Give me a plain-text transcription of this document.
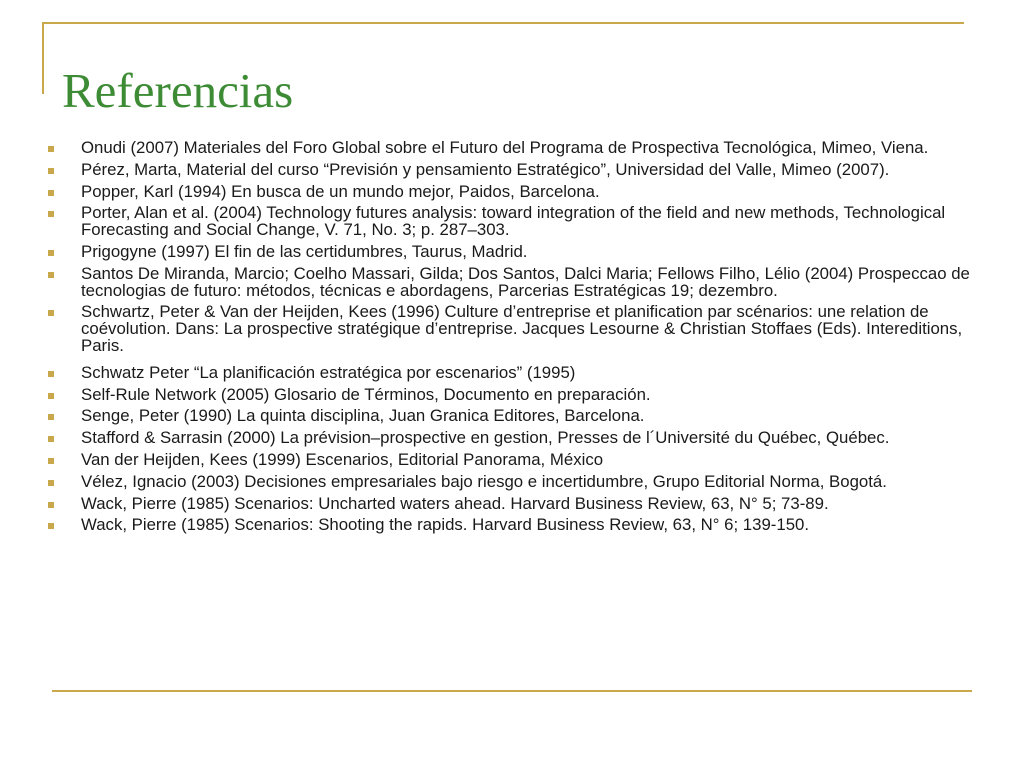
Referencias
Onudi (2007) Materiales del Foro Global sobre el Futuro del Programa de Prospectiva Tecnológica, Mimeo, Viena.
Pérez, Marta, Material del curso “Previsión y pensamiento Estratégico”, Universidad del Valle, Mimeo (2007).
Popper, Karl (1994) En busca de un mundo mejor, Paidos, Barcelona.
Porter, Alan et al. (2004) Technology futures analysis: toward integration of the field and new methods, Technological Forecasting and Social Change, V. 71, No. 3; p. 287–303.
Prigogyne (1997) El fin de las certidumbres, Taurus, Madrid.
Santos De Miranda, Marcio; Coelho Massari, Gilda; Dos Santos, Dalci Maria; Fellows Filho, Lélio (2004) Prospeccao de tecnologias de futuro: métodos, técnicas e abordagens, Parcerias Estratégicas 19; dezembro.
Schwartz, Peter & Van der Heijden, Kees (1996) Culture d’entreprise et planification par scénarios: une relation de coévolution. Dans: La prospective stratégique d’entreprise. Jacques Lesourne & Christian Stoffaes (Eds). Intereditions, Paris.
Schwatz Peter “La planificación estratégica por escenarios” (1995)
Self-Rule Network (2005) Glosario de Términos, Documento en preparación.
Senge, Peter (1990) La quinta disciplina, Juan Granica Editores, Barcelona.
Stafford & Sarrasin (2000) La prévision–prospective en gestion, Presses de l´Université du Québec, Québec.
Van der Heijden, Kees (1999) Escenarios, Editorial Panorama, México
Vélez, Ignacio (2003) Decisiones empresariales bajo riesgo e incertidumbre, Grupo Editorial Norma, Bogotá.
Wack, Pierre (1985) Scenarios: Uncharted waters ahead. Harvard Business Review, 63, N° 5; 73-89.
Wack, Pierre (1985) Scenarios: Shooting the rapids. Harvard Business Review, 63, N° 6; 139-150.
